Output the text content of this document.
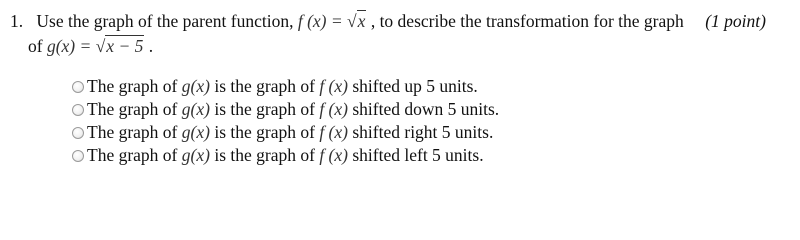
1. Use the graph of the parent function, f (x) = √x , to describe the transformation for the graph (1 point)
of g(x) = √x − 5 .
The graph of g(x) is the graph of f (x) shifted up 5 units.
The graph of g(x) is the graph of f (x) shifted down 5 units.
The graph of g(x) is the graph of f (x) shifted right 5 units.
The graph of g(x) is the graph of f (x) shifted left 5 units.
